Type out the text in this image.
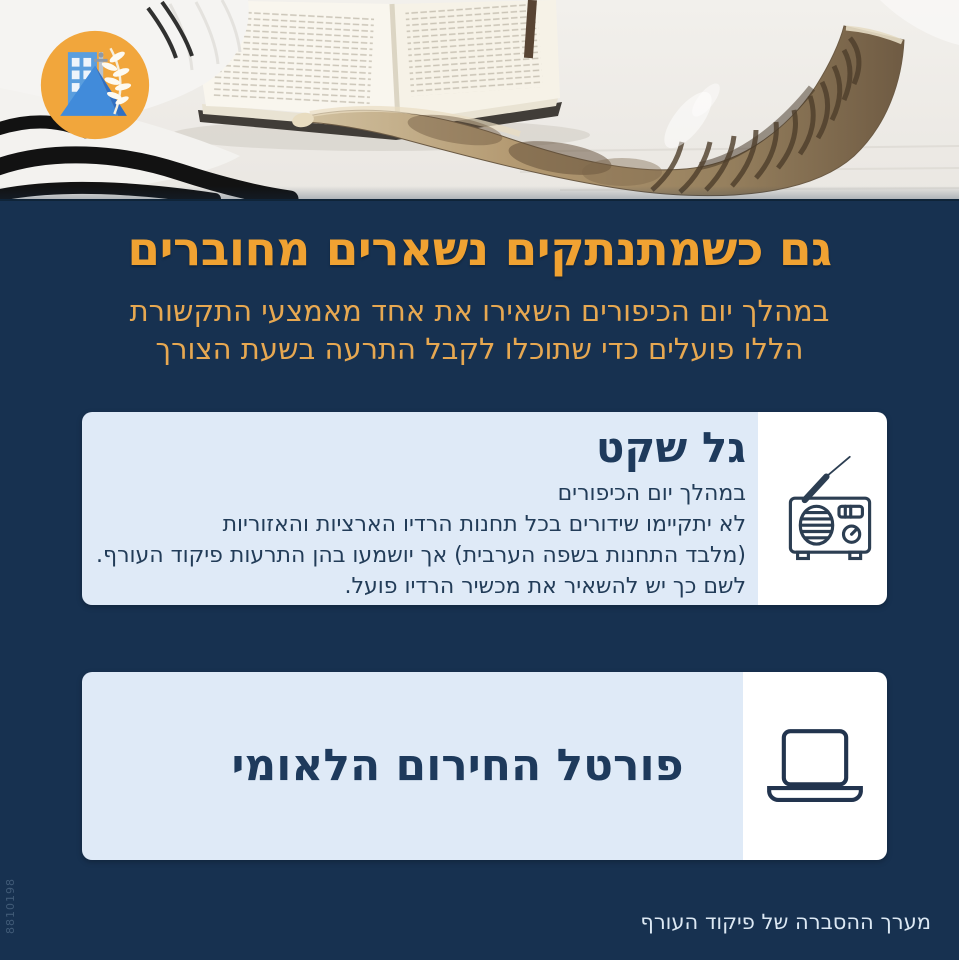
גם כשמתנתקים נשארים מחוברים
במהלך יום הכיפורים השאירו את אחד מאמצעי התקשורת
הללו פועלים כדי שתוכלו לקבל התרעה בשעת הצורך
גל שקט
במהלך יום הכיפורים
לא יתקיימו שידורים בכל תחנות הרדיו הארציות והאזוריות
(מלבד התחנות בשפה הערבית) אך יושמעו בהן התרעות פיקוד העורף.
לשם כך יש להשאיר את מכשיר הרדיו פועל.
פורטל החירום הלאומי
מערך ההסברה של פיקוד העורף
8810198
